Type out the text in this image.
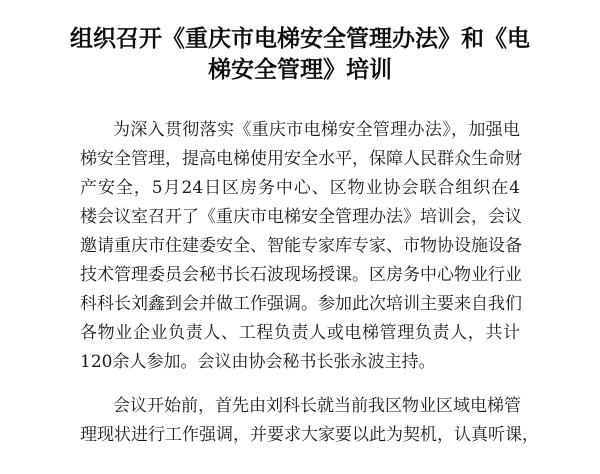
组织召开《重庆市电梯安全管理办法》和《电
梯安全管理》培训
为深入贯彻落实《重庆市电梯安全管理办法》，加强电
梯安全管理，提高电梯使用安全水平，保障人民群众生命财
产安全，5月24日区房务中心、区物业协会联合组织在4
楼会议室召开了《重庆市电梯安全管理办法》培训会，会议
邀请重庆市住建委安全、智能专家库专家、市物协设施设备
技术管理委员会秘书长石波现场授课。区房务中心物业行业
科科长刘鑫到会并做工作强调。参加此次培训主要来自我们
各物业企业负责人、工程负责人或电梯管理负责人，共计
120余人参加。会议由协会秘书长张永波主持。
会议开始前，首先由刘科长就当前我区物业区域电梯管
理现状进行工作强调，并要求大家要以此为契机，认真听课，
